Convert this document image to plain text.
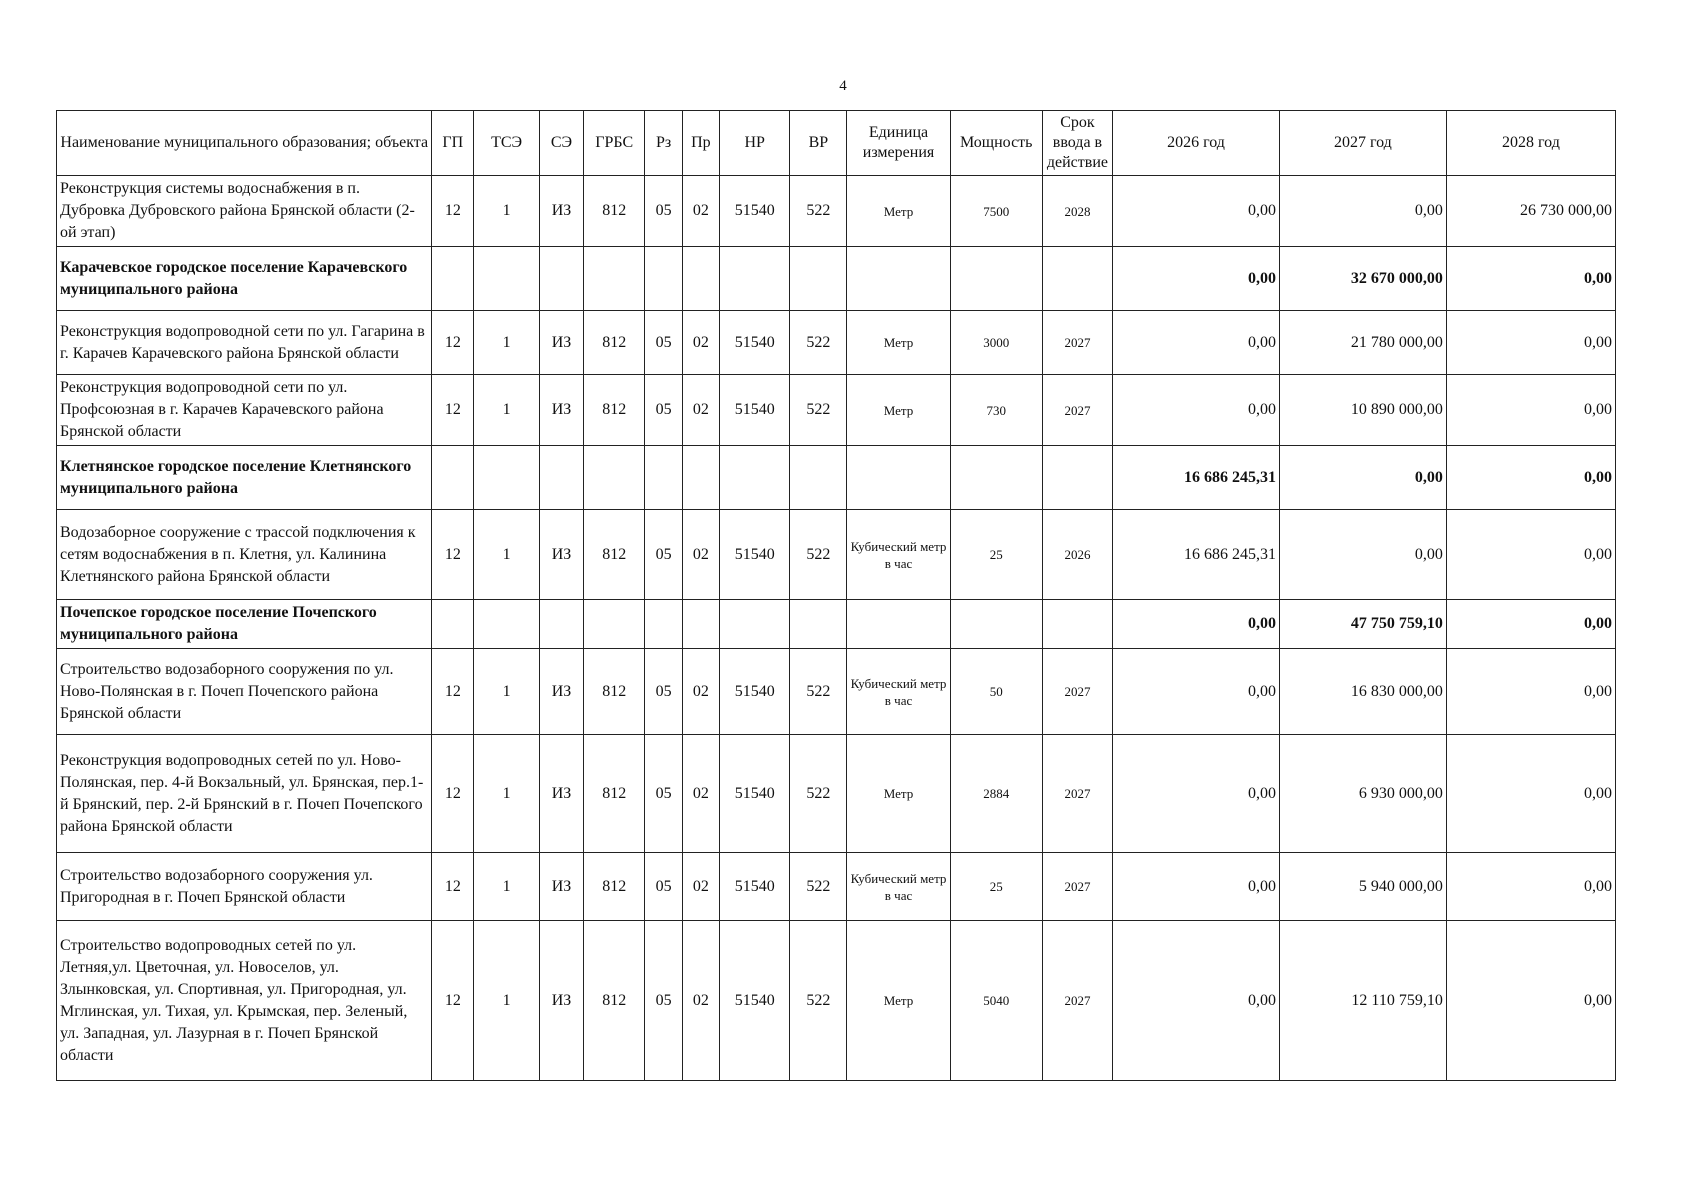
4
Наименование муниципального образования; объекта	ГП	ТСЭ	СЭ	ГРБС	Рз	Пр	НР	ВР	Единица измерения	Мощность	Срок ввода в действие	2026 год	2027 год	2028 год
Реконструкция системы водоснабжения в п. Дубровка Дубровского района Брянской области (2-ой этап)	12	1	ИЗ	812	05	02	51540	522	Метр	7500	2028	0,00	0,00	26 730 000,00
Карачевское городское поселение Карачевского муниципального района												0,00	32 670 000,00	0,00
Реконструкция водопроводной сети по ул. Гагарина в г. Карачев Карачевского района Брянской области	12	1	ИЗ	812	05	02	51540	522	Метр	3000	2027	0,00	21 780 000,00	0,00
Реконструкция водопроводной сети по ул. Профсоюзная в г. Карачев Карачевского района Брянской области	12	1	ИЗ	812	05	02	51540	522	Метр	730	2027	0,00	10 890 000,00	0,00
Клетнянское городское поселение Клетнянского муниципального района												16 686 245,31	0,00	0,00
Водозаборное сооружение с трассой подключения к сетям водоснабжения в п. Клетня, ул. Калинина Клетнянского района Брянской области	12	1	ИЗ	812	05	02	51540	522	Кубический метр в час	25	2026	16 686 245,31	0,00	0,00
Почепское городское поселение Почепского муниципального района												0,00	47 750 759,10	0,00
Строительство водозаборного сооружения по ул. Ново-Полянская в г. Почеп Почепского района Брянской области	12	1	ИЗ	812	05	02	51540	522	Кубический метр в час	50	2027	0,00	16 830 000,00	0,00
Реконструкция водопроводных сетей по ул. Ново-Полянская, пер. 4-й Вокзальный, ул. Брянская, пер.1-й Брянский, пер. 2-й Брянский в г. Почеп Почепского района Брянской области	12	1	ИЗ	812	05	02	51540	522	Метр	2884	2027	0,00	6 930 000,00	0,00
Строительство водозаборного сооружения ул. Пригородная в г. Почеп Брянской области	12	1	ИЗ	812	05	02	51540	522	Кубический метр в час	25	2027	0,00	5 940 000,00	0,00
Строительство водопроводных сетей по ул. Летняя,ул. Цветочная, ул. Новоселов, ул. Злынковская, ул. Спортивная, ул. Пригородная, ул. Мглинская, ул. Тихая, ул. Крымская, пер. Зеленый, ул. Западная, ул. Лазурная в г. Почеп Брянской области	12	1	ИЗ	812	05	02	51540	522	Метр	5040	2027	0,00	12 110 759,10	0,00
